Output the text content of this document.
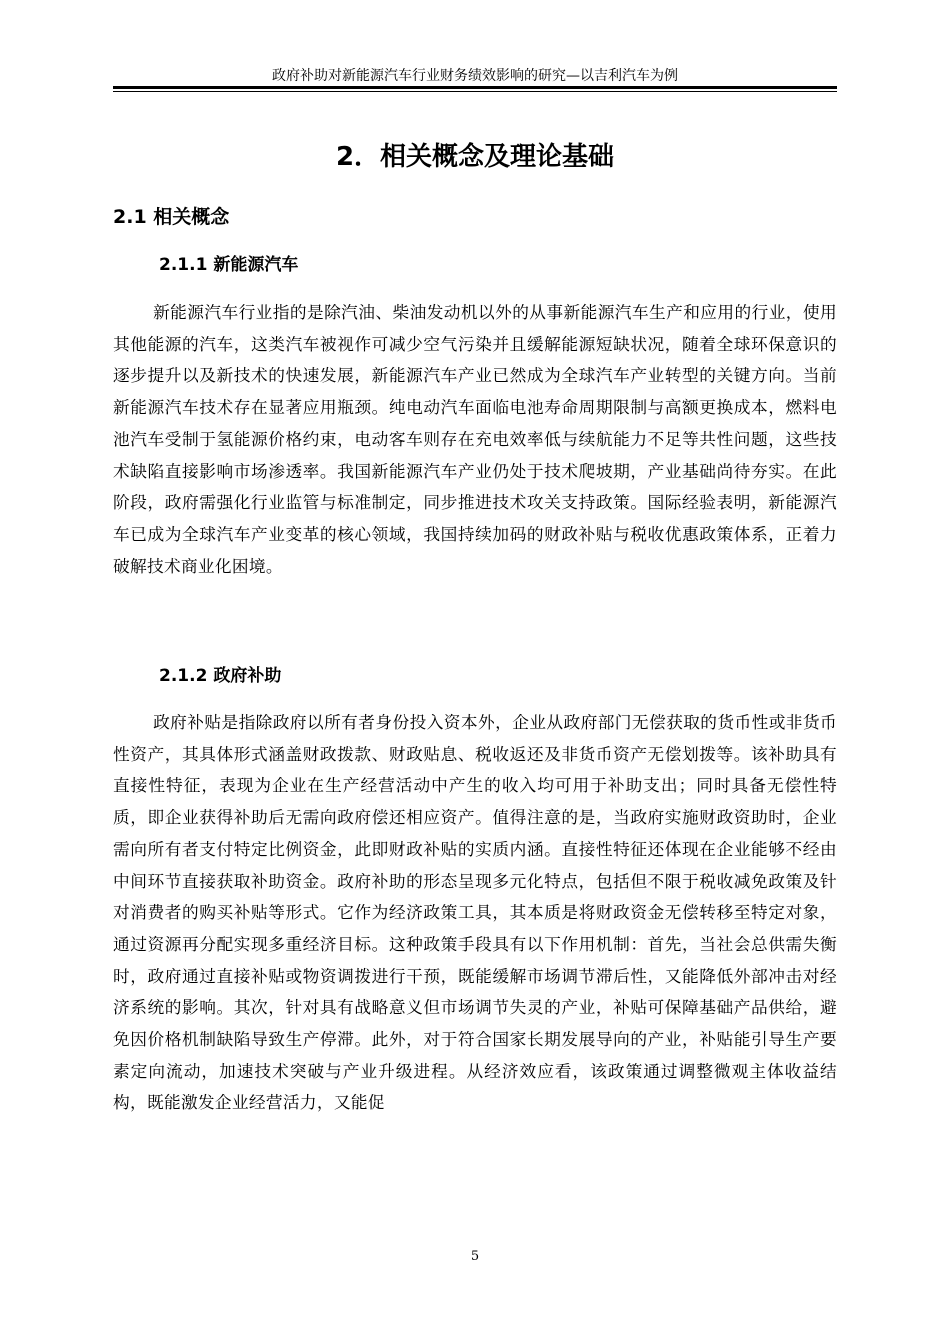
政府补助对新能源汽车行业财务绩效影响的研究—以吉利汽车为例
2．相关概念及理论基础
2.1 相关概念
2.1.1 新能源汽车

新能源汽车行业指的是除汽油、柴油发动机以外的从事新能源汽车生产和应用的行业，使用其他能源的汽车，这类汽车被视作可减少空气污染并且缓解能源短缺状况，随着全球环保意识的逐步提升以及新技术的快速发展，新能源汽车产业已然成为全球汽车产业转型的关键方向。当前新能源汽车技术存在显著应用瓶颈。纯电动汽车面临电池寿命周期限制与高额更换成本，燃料电池汽车受制于氢能源价格约束，电动客车则存在充电效率低与续航能力不足等共性问题，这些技术缺陷直接影响市场渗透率。我国新能源汽车产业仍处于技术爬坡期，产业基础尚待夯实。在此阶段，政府需强化行业监管与标准制定，同步推进技术攻关支持政策。国际经验表明，新能源汽车已成为全球汽车产业变革的核心领域，我国持续加码的财政补贴与税收优惠政策体系，正着力破解技术商业化困境。

2.1.2 政府补助

政府补贴是指除政府以所有者身份投入资本外，企业从政府部门无偿获取的货币性或非货币性资产，其具体形式涵盖财政拨款、财政贴息、税收返还及非货币资产无偿划拨等。该补助具有直接性特征，表现为企业在生产经营活动中产生的收入均可用于补助支出；同时具备无偿性特质，即企业获得补助后无需向政府偿还相应资产。值得注意的是，当政府实施财政资助时，企业需向所有者支付特定比例资金，此即财政补贴的实质内涵。直接性特征还体现在企业能够不经由中间环节直接获取补助资金。政府补助的形态呈现多元化特点，包括但不限于税收减免政策及针对消费者的购买补贴等形式。它作为经济政策工具，其本质是将财政资金无偿转移至特定对象，通过资源再分配实现多重经济目标。这种政策手段具有以下作用机制：首先，当社会总供需失衡时，政府通过直接补贴或物资调拨进行干预，既能缓解市场调节滞后性，又能降低外部冲击对经济系统的影响。其次，针对具有战略意义但市场调节失灵的产业，补贴可保障基础产品供给，避免因价格机制缺陷导致生产停滞。此外，对于符合国家长期发展导向的产业，补贴能引导生产要素定向流动，加速技术突破与产业升级进程。从经济效应看，该政策通过调整微观主体收益结构，既能激发企业经营活力，又能促

5
